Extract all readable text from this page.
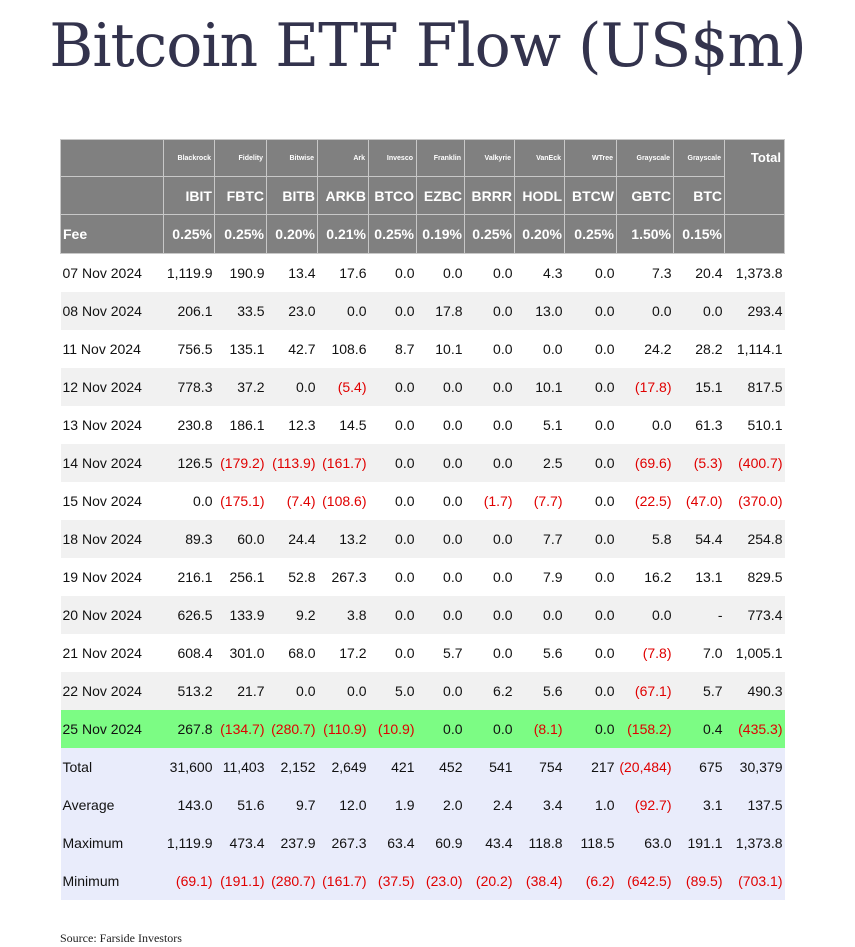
Bitcoin ETF Flow (US$m)
	Blackrock	Fidelity	Bitwise	Ark	Invesco	Franklin	Valkyrie	VanEck	WTree	Grayscale	Grayscale	Total
	IBIT	FBTC	BITB	ARKB	BTCO	EZBC	BRRR	HODL	BTCW	GBTC	BTC	
Fee	0.25%	0.25%	0.20%	0.21%	0.25%	0.19%	0.25%	0.20%	0.25%	1.50%	0.15%	
07 Nov 2024	1,119.9	190.9	13.4	17.6	0.0	0.0	0.0	4.3	0.0	7.3	20.4	1,373.8
08 Nov 2024	206.1	33.5	23.0	0.0	0.0	17.8	0.0	13.0	0.0	0.0	0.0	293.4
11 Nov 2024	756.5	135.1	42.7	108.6	8.7	10.1	0.0	0.0	0.0	24.2	28.2	1,114.1
12 Nov 2024	778.3	37.2	0.0	(5.4)	0.0	0.0	0.0	10.1	0.0	(17.8)	15.1	817.5
13 Nov 2024	230.8	186.1	12.3	14.5	0.0	0.0	0.0	5.1	0.0	0.0	61.3	510.1
14 Nov 2024	126.5	(179.2)	(113.9)	(161.7)	0.0	0.0	0.0	2.5	0.0	(69.6)	(5.3)	(400.7)
15 Nov 2024	0.0	(175.1)	(7.4)	(108.6)	0.0	0.0	(1.7)	(7.7)	0.0	(22.5)	(47.0)	(370.0)
18 Nov 2024	89.3	60.0	24.4	13.2	0.0	0.0	0.0	7.7	0.0	5.8	54.4	254.8
19 Nov 2024	216.1	256.1	52.8	267.3	0.0	0.0	0.0	7.9	0.0	16.2	13.1	829.5
20 Nov 2024	626.5	133.9	9.2	3.8	0.0	0.0	0.0	0.0	0.0	0.0	-	773.4
21 Nov 2024	608.4	301.0	68.0	17.2	0.0	5.7	0.0	5.6	0.0	(7.8)	7.0	1,005.1
22 Nov 2024	513.2	21.7	0.0	0.0	5.0	0.0	6.2	5.6	0.0	(67.1)	5.7	490.3
25 Nov 2024	267.8	(134.7)	(280.7)	(110.9)	(10.9)	0.0	0.0	(8.1)	0.0	(158.2)	0.4	(435.3)
Total	31,600	11,403	2,152	2,649	421	452	541	754	217	(20,484)	675	30,379
Average	143.0	51.6	9.7	12.0	1.9	2.0	2.4	3.4	1.0	(92.7)	3.1	137.5
Maximum	1,119.9	473.4	237.9	267.3	63.4	60.9	43.4	118.8	118.5	63.0	191.1	1,373.8
Minimum	(69.1)	(191.1)	(280.7)	(161.7)	(37.5)	(23.0)	(20.2)	(38.4)	(6.2)	(642.5)	(89.5)	(703.1)
Source: Farside Investors
